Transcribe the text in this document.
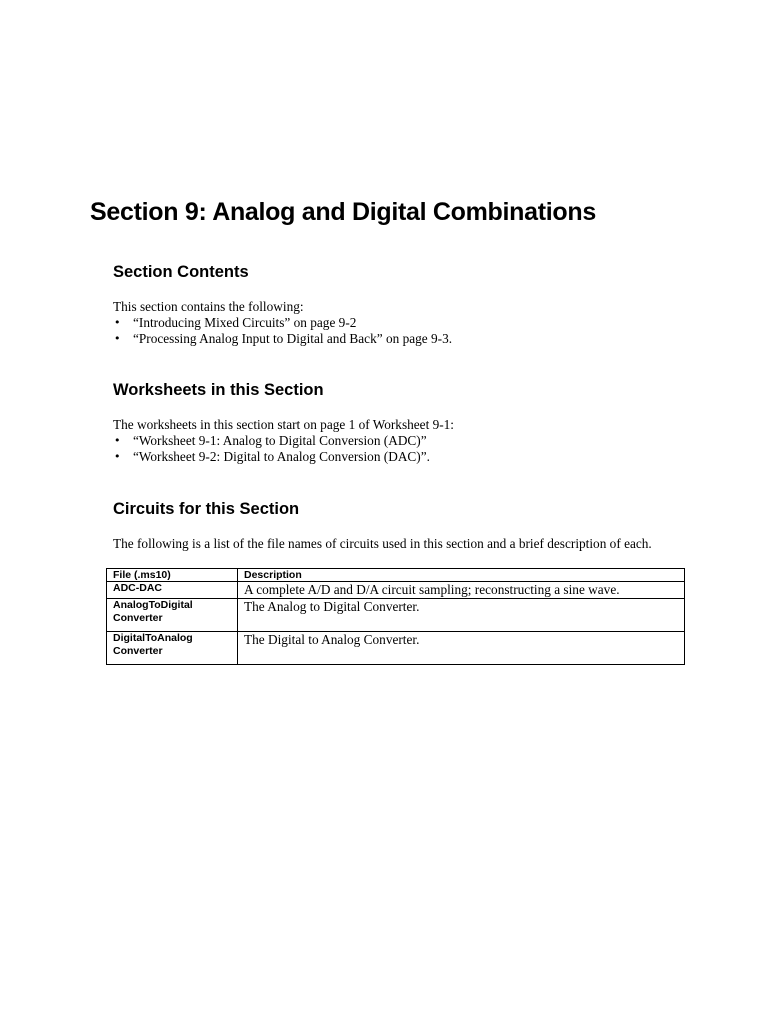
Section 9: Analog and Digital Combinations
Section Contents

This section contains the following:

• “Introducing Mixed Circuits” on page 9-2
• “Processing Analog Input to Digital and Back” on page 9-3.
Worksheets in this Section

The worksheets in this section start on page 1 of Worksheet 9-1:

• “Worksheet 9-1: Analog to Digital Conversion (ADC)”
• “Worksheet 9-2: Digital to Analog Conversion (DAC)”.
Circuits for this Section

The following is a list of the file names of circuits used in this section and a brief description of each.

File (.ms10)	Description

ADC-DAC	A complete A/D and D/A circuit sampling; reconstructing a sine wave.

AnalogToDigital
Converter	The Analog to Digital Converter.

DigitalToAnalog
Converter	The Digital to Analog Converter.
